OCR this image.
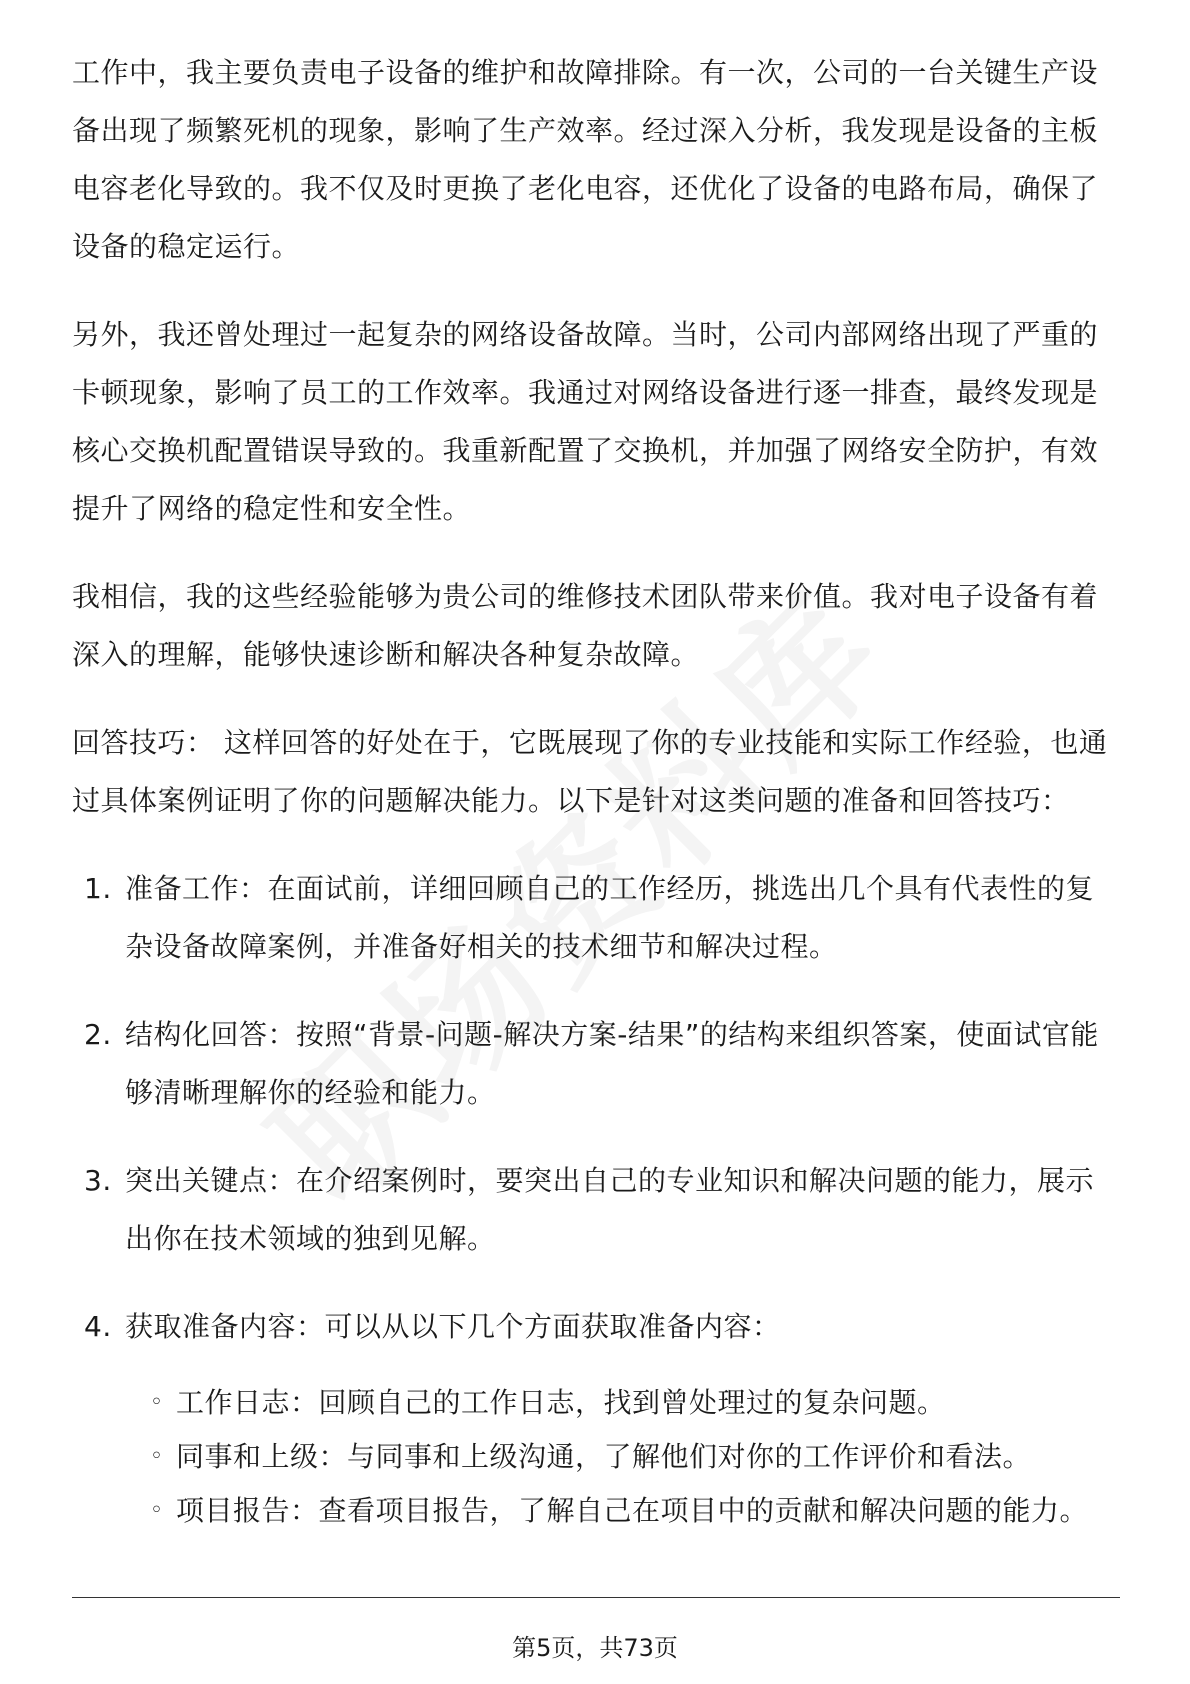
工作中，我主要负责电子设备的维护和故障排除。有一次，公司的一台关键生产设备出现了频繁死机的现象，影响了生产效率。经过深入分析，我发现是设备的主板电容老化导致的。我不仅及时更换了老化电容，还优化了设备的电路布局，确保了设备的稳定运行。

另外，我还曾处理过一起复杂的网络设备故障。当时，公司内部网络出现了严重的卡顿现象，影响了员工的工作效率。我通过对网络设备进行逐一排查，最终发现是核心交换机配置错误导致的。我重新配置了交换机，并加强了网络安全防护，有效提升了网络的稳定性和安全性。

我相信，我的这些经验能够为贵公司的维修技术团队带来价值。我对电子设备有着深入的理解，能够快速诊断和解决各种复杂故障。

回答技巧： 这样回答的好处在于，它既展现了你的专业技能和实际工作经验，也通过具体案例证明了你的问题解决能力。以下是针对这类问题的准备和回答技巧：

1. 准备工作：在面试前，详细回顾自己的工作经历，挑选出几个具有代表性的复杂设备故障案例，并准备好相关的技术细节和解决过程。
2. 结构化回答：按照“背景-问题-解决方案-结果”的结构来组织答案，使面试官能够清晰理解你的经验和能力。
3. 突出关键点：在介绍案例时，要突出自己的专业知识和解决问题的能力，展示出你在技术领域的独到见解。
4. 获取准备内容：可以从以下几个方面获取准备内容：
◦ 工作日志：回顾自己的工作日志，找到曾处理过的复杂问题。
◦ 同事和上级：与同事和上级沟通，了解他们对你的工作评价和看法。
◦ 项目报告：查看项目报告，了解自己在项目中的贡献和解决问题的能力。
第5页，共73页
